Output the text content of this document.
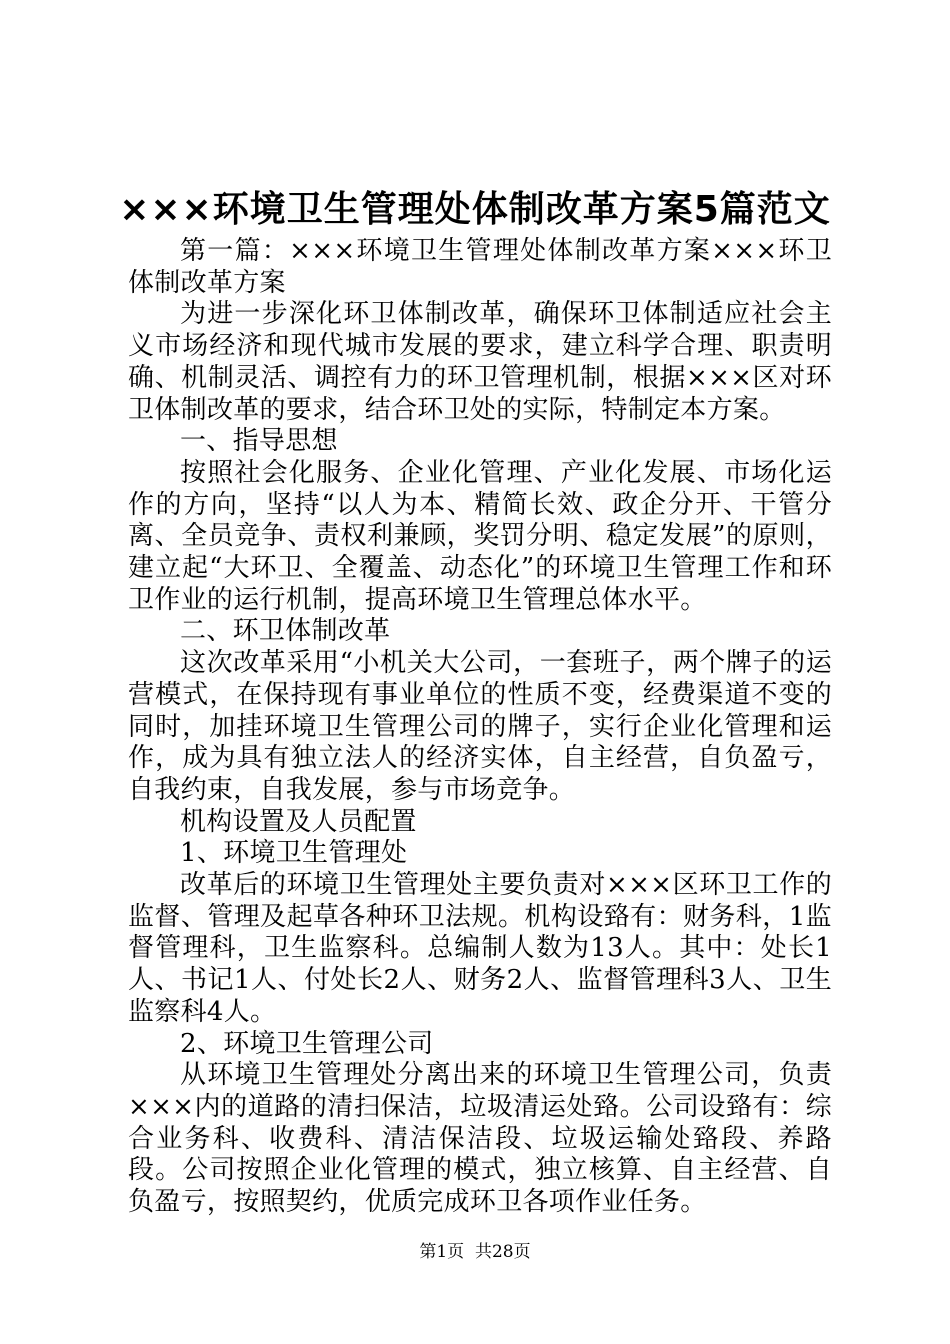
×××环境卫生管理处体制改革方案5篇范文

第一篇：×××环境卫生管理处体制改革方案×××环卫体制改革方案

为进一步深化环卫体制改革，确保环卫体制适应社会主义市场经济和现代城市发展的要求，建立科学合理、职责明确、机制灵活、调控有力的环卫管理机制，根据×××区对环卫体制改革的要求，结合环卫处的实际，特制定本方案。

一、指导思想

按照社会化服务、企业化管理、产业化发展、市场化运作的方向，坚持“以人为本、精简长效、政企分开、干管分离、全员竞争、责权利兼顾，奖罚分明、稳定发展”的原则，建立起“大环卫、全覆盖、动态化”的环境卫生管理工作和环卫作业的运行机制，提高环境卫生管理总体水平。

二、环卫体制改革

这次改革采用“小机关大公司，一套班子，两个牌子的运营模式，在保持现有事业单位的性质不变，经费渠道不变的同时，加挂环境卫生管理公司的牌子，实行企业化管理和运作，成为具有独立法人的经济实体，自主经营，自负盈亏，自我约束，自我发展，参与市场竞争。

机构设置及人员配置

1、环境卫生管理处

改革后的环境卫生管理处主要负责对×××区环卫工作的监督、管理及起草各种环卫法规。机构设臵有：财务科，1监督管理科，卫生监察科。总编制人数为13人。其中：处长1人、书记1人、付处长2人、财务2人、监督管理科3人、卫生监察科4人。

2、环境卫生管理公司

从环境卫生管理处分离出来的环境卫生管理公司，负责×××内的道路的清扫保洁，垃圾清运处臵。公司设臵有：综合业务科、收费科、清洁保洁段、垃圾运输处臵段、养路段。公司按照企业化管理的模式，独立核算、自主经营、自负盈亏，按照契约，优质完成环卫各项作业任务。

第1页  共28页
